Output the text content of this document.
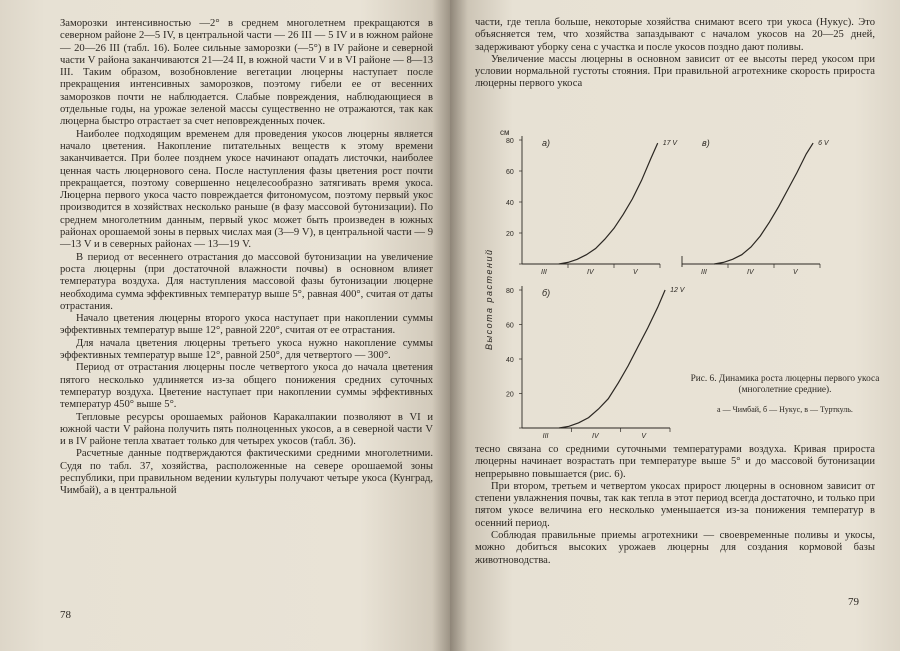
Заморозки интенсивностью —2° в среднем многолетнем прекращаются в северном районе 2—5 IV, в центральной части — 26 III — 5 IV и в южном районе — 20—26 III (табл. 16). Более сильные заморозки (—5°) в IV районе и северной части V района заканчиваются 21—24 II, в южной части V и в VI районе — 8—13 III. Таким образом, возобновление вегетации люцерны наступает после прекращения интенсивных заморозков, поэтому гибели ее от весенних заморозков почти не наблюдается. Слабые повреждения, наблюдающиеся в отдельные годы, на урожае зеленой массы существенно не отражаются, так как люцерна быстро отрастает за счет неповрежденных почек.

Наиболее подходящим временем для проведения укосов люцерны является начало цветения. Накопление питательных веществ к этому времени заканчивается. При более позднем укосе начинают опадать листочки, наиболее ценная часть люцернового сена. После наступления фазы цветения рост почти прекращается, поэтому совершенно нецелесообразно затягивать время укоса. Люцерна первого укоса часто повреждается фитономусом, поэтому первый укос производится в хозяйствах несколько раньше (в фазу массовой бутонизации). По среднем многолетним данным, первый укос может быть произведен в южных районах орошаемой зоны в первых числах мая (3—9 V), в центральной части — 9—13 V и в северных районах — 13—19 V.

В период от весеннего отрастания до массовой бутонизации на увеличение роста люцерны (при достаточной влажности почвы) в основном влияет температура воздуха. Для наступления массовой фазы бутонизации люцерне необходима сумма эффективных температур выше 5°, равная 400°, считая от даты отрастания.

Начало цветения люцерны второго укоса наступает при накоплении суммы эффективных температур выше 12°, равной 220°, считая от ее отрастания.

Для начала цветения люцерны третьего укоса нужно накопление суммы эффективных температур выше 12°, равной 250°, для четвертого — 300°.

Период от отрастания люцерны после четвертого укоса до начала цветения пятого несколько удлиняется из-за общего понижения средних суточных температур воздуха. Цветение наступает при накоплении суммы эффективных температур 450° выше 5°.

Тепловые ресурсы орошаемых районов Каракалпакии позволяют в VI и южной части V района получить пять полноценных укосов, а в северной части V и в IV районе тепла хватает только для четырех укосов (табл. 36).

Расчетные данные подтверждаются фактическими средними многолетними. Судя по табл. 37, хозяйства, расположенные на севере орошаемой зоны республики, при правильном ведении культуры получают четыре укоса (Кунград, Чимбай), а в центральной

78

части, где тепла больше, некоторые хозяйства снимают всего три укоса (Нукус). Это объясняется тем, что хозяйства запаздывают с началом укосов на 20—25 дней, задерживают уборку сена с участка и после укосов поздно дают поливы.

Увеличение массы люцерны в основном зависит от ее высоты перед укосом при условии нормальной густоты стояния. При правильной агротехнике скорость прироста люцерны первого укоса

см
Высота растений
20
40
60
80
III	IV	V
17 V
а)
III	IV	V
6 V
в)
20
40
60
80
III	IV	V
12 V
б)
Рис. 6. Динамика роста люцерны первого укоса (многолетние средние).
а — Чимбай, б — Нукус, в — Турткуль.

тесно связана со средними суточными температурами воздуха. Кривая прироста люцерны начинает возрастать при температуре выше 5° и до массовой бутонизации непрерывно повышается (рис. 6).

При втором, третьем и четвертом укосах прирост люцерны в основном зависит от степени увлажнения почвы, так как тепла в этот период всегда достаточно, и только при пятом укосе величина его несколько уменьшается из-за понижения температур в осенний период.

Соблюдая правильные приемы агротехники — своевременные поливы и укосы, можно добиться высоких урожаев люцерны для создания кормовой базы животноводства.

79
